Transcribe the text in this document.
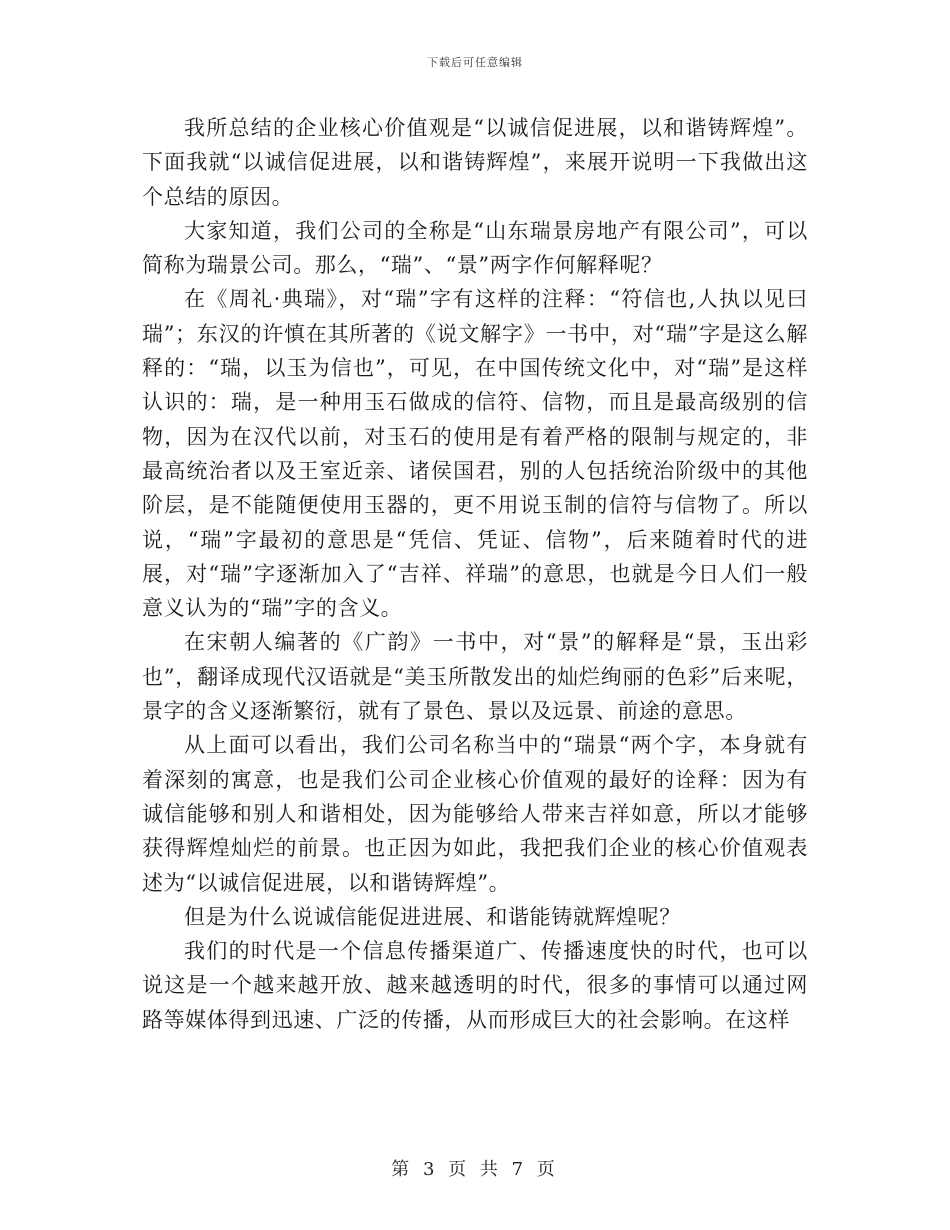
下载后可任意编辑

我所总结的企业核心价值观是“以诚信促进展，以和谐铸辉煌”。下面我就“以诚信促进展，以和谐铸辉煌”，来展开说明一下我做出这个总结的原因。

大家知道，我们公司的全称是“山东瑞景房地产有限公司”，可以简称为瑞景公司。那么，“瑞”、“景”两字作何解释呢？

在《周礼·典瑞》，对“瑞”字有这样的注释：“符信也,人执以见曰瑞”；东汉的许慎在其所著的《说文解字》一书中，对“瑞”字是这么解释的：“瑞，以玉为信也”，可见，在中国传统文化中，对“瑞”是这样认识的：瑞，是一种用玉石做成的信符、信物，而且是最高级别的信物，因为在汉代以前，对玉石的使用是有着严格的限制与规定的，非最高统治者以及王室近亲、诸侯国君，别的人包括统治阶级中的其他阶层，是不能随便使用玉器的，更不用说玉制的信符与信物了。所以说，“瑞”字最初的意思是“凭信、凭证、信物”，后来随着时代的进展，对“瑞”字逐渐加入了“吉祥、祥瑞”的意思，也就是今日人们一般意义认为的“瑞”字的含义。

在宋朝人编著的《广韵》一书中，对“景”的解释是“景，玉出彩也”，翻译成现代汉语就是“美玉所散发出的灿烂绚丽的色彩”后来呢，景字的含义逐渐繁衍，就有了景色、景以及远景、前途的意思。

从上面可以看出，我们公司名称当中的“瑞景“两个字，本身就有着深刻的寓意，也是我们公司企业核心价值观的最好的诠释：因为有诚信能够和别人和谐相处，因为能够给人带来吉祥如意，所以才能够获得辉煌灿烂的前景。也正因为如此，我把我们企业的核心价值观表述为“以诚信促进展，以和谐铸辉煌”。

但是为什么说诚信能促进进展、和谐能铸就辉煌呢？

我们的时代是一个信息传播渠道广、传播速度快的时代，也可以说这是一个越来越开放、越来越透明的时代，很多的事情可以通过网路等媒体得到迅速、广泛的传播，从而形成巨大的社会影响。在这样

第 3 页 共 7 页
